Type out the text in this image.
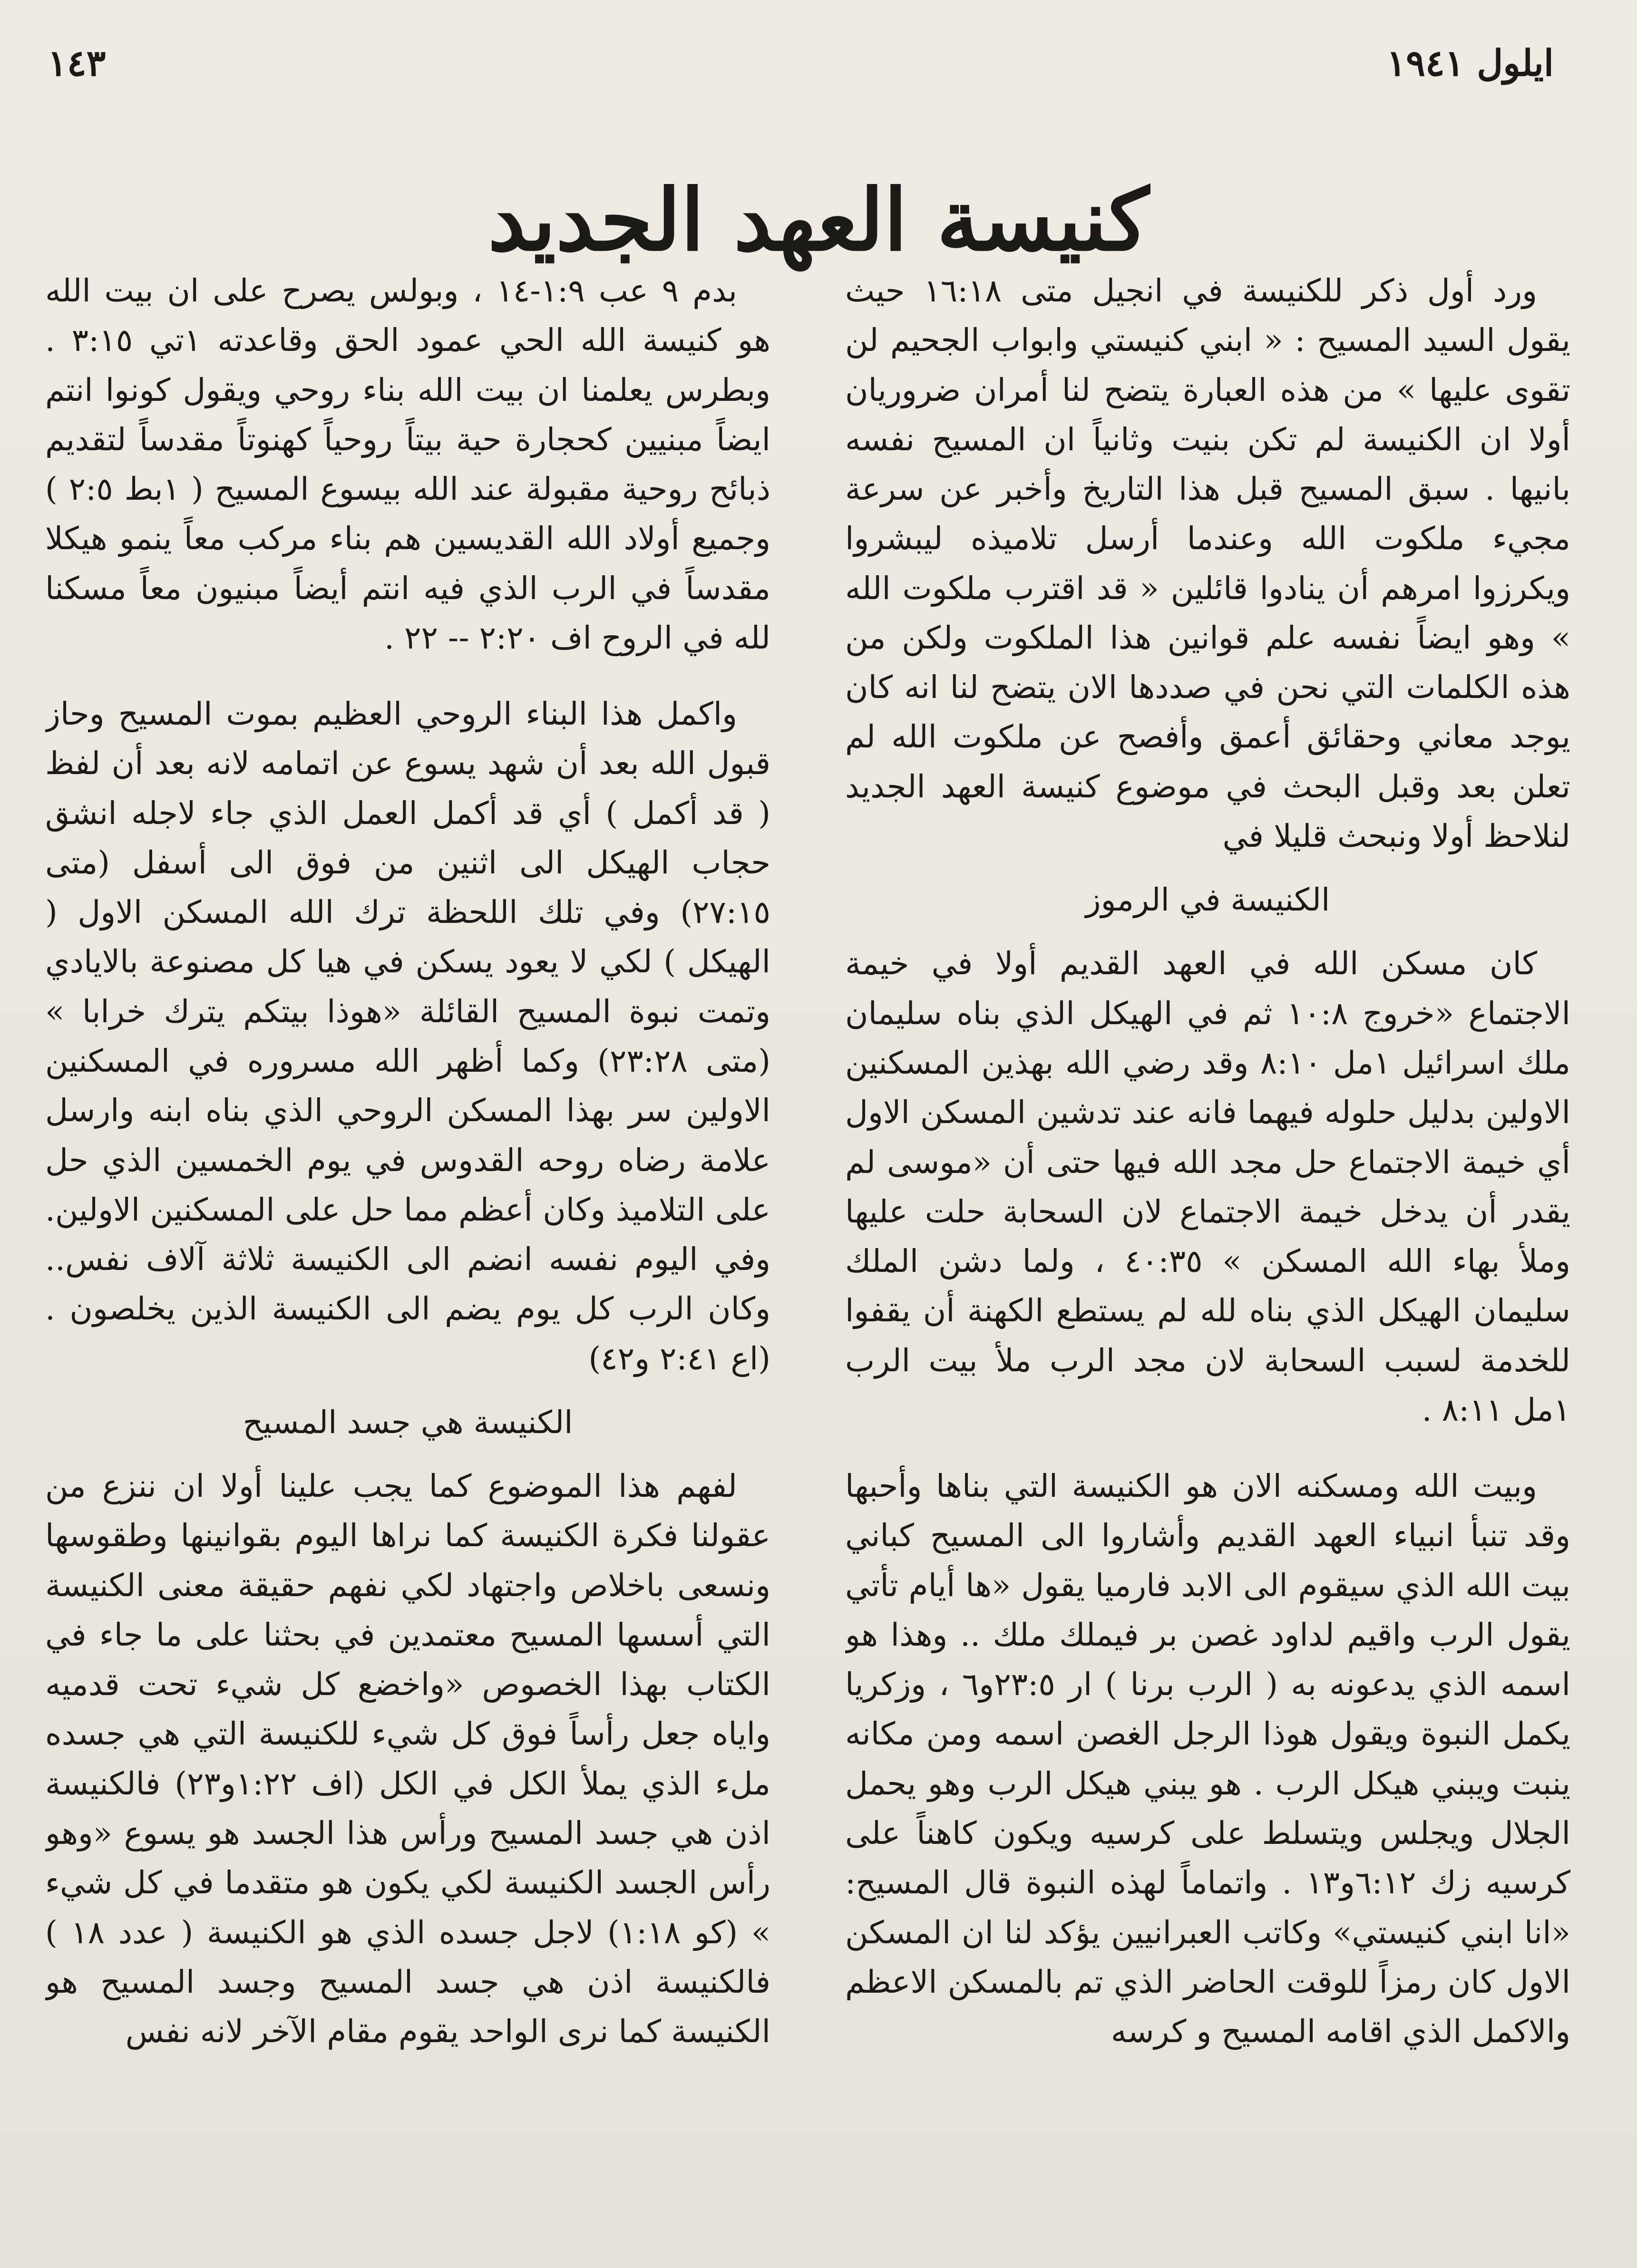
ايلول ١٩٤١
١٤٣
كنيسة العهد الجديد

ورد أول ذكر للكنيسة في انجيل متى ١٦:١٨ حيث يقول السيد المسيح : « ابني كنيستي وابواب الجحيم لن تقوى عليها » من هذه العبارة يتضح لنا أمران ضروريان أولا ان الكنيسة لم تكن بنيت وثانياً ان المسيح نفسه بانيها . سبق المسيح قبل هذا التاريخ وأخبر عن سرعة مجيء ملكوت الله وعندما أرسل تلاميذه ليبشروا ويكرزوا امرهم أن ينادوا قائلين « قد اقترب ملكوت الله » وهو ايضاً نفسه علم قوانين هذا الملكوت ولكن من هذه الكلمات التي نحن في صددها الان يتضح لنا انه كان يوجد معاني وحقائق أعمق وأفصح عن ملكوت الله لم تعلن بعد وقبل البحث في موضوع كنيسة العهد الجديد لنلاحظ أولا ونبحث قليلا في

الكنيسة في الرموز

كان مسكن الله في العهد القديم أولا في خيمة الاجتماع «خروج ١٠:٨ ثم في الهيكل الذي بناه سليمان ملك اسرائيل ١مل ٨:١٠ وقد رضي الله بهذين المسكنين الاولين بدليل حلوله فيهما فانه عند تدشين المسكن الاول أي خيمة الاجتماع حل مجد الله فيها حتى أن «موسى لم يقدر أن يدخل خيمة الاجتماع لان السحابة حلت عليها وملأ بهاء الله المسكن » ٤٠:٣٥ ، ولما دشن الملك سليمان الهيكل الذي بناه لله لم يستطع الكهنة أن يقفوا للخدمة لسبب السحابة لان مجد الرب ملأ بيت الرب ١مل ٨:١١ .

وبيت الله ومسكنه الان هو الكنيسة التي بناها وأحبها وقد تنبأ انبياء العهد القديم وأشاروا الى المسيح كباني بيت الله الذي سيقوم الى الابد فارميا يقول «ها أيام تأتي يقول الرب واقيم لداود غصن بر فيملك ملك .. وهذا هو اسمه الذي يدعونه به ( الرب برنا ) ار ٢٣:٥و٦ ، وزكريا يكمل النبوة ويقول هوذا الرجل الغصن اسمه ومن مكانه ينبت ويبني هيكل الرب . هو يبني هيكل الرب وهو يحمل الجلال ويجلس ويتسلط على كرسيه ويكون كاهناً على كرسيه زك ٦:١٢و١٣ . واتماماً لهذه النبوة قال المسيح: «انا ابني كنيستي» وكاتب العبرانيين يؤكد لنا ان المسكن الاول كان رمزاً للوقت الحاضر الذي تم بالمسكن الاعظم والاكمل الذي اقامه المسيح و كرسه

بدم ٩ عب ١:٩-١٤ ، وبولس يصرح على ان بيت الله هو كنيسة الله الحي عمود الحق وقاعدته ١تي ٣:١٥ . وبطرس يعلمنا ان بيت الله بناء روحي ويقول كونوا انتم ايضاً مبنيين كحجارة حية بيتاً روحياً كهنوتاً مقدساً لتقديم ذبائح روحية مقبولة عند الله بيسوع المسيح ( ١بط ٢:٥ ) وجميع أولاد الله القديسين هم بناء مركب معاً ينمو هيكلا مقدساً في الرب الذي فيه انتم أيضاً مبنيون معاً مسكنا لله في الروح اف ٢:٢٠ -- ٢٢ .

واكمل هذا البناء الروحي العظيم بموت المسيح وحاز قبول الله بعد أن شهد يسوع عن اتمامه لانه بعد أن لفظ ( قد أكمل ) أي قد أكمل العمل الذي جاء لاجله انشق حجاب الهيكل الى اثنين من فوق الى أسفل (متى ٢٧:١٥) وفي تلك اللحظة ترك الله المسكن الاول ( الهيكل ) لكي لا يعود يسكن في هيا كل مصنوعة بالايادي وتمت نبوة المسيح القائلة «هوذا بيتكم يترك خرابا » (متى ٢٣:٢٨) وكما أظهر الله مسروره في المسكنين الاولين سر بهذا المسكن الروحي الذي بناه ابنه وارسل علامة رضاه روحه القدوس في يوم الخمسين الذي حل على التلاميذ وكان أعظم مما حل على المسكنين الاولين. وفي اليوم نفسه انضم الى الكنيسة ثلاثة آلاف نفس.. وكان الرب كل يوم يضم الى الكنيسة الذين يخلصون . (اع ٢:٤١ و٤٢)

الكنيسة هي جسد المسيح

لفهم هذا الموضوع كما يجب علينا أولا ان ننزع من عقولنا فكرة الكنيسة كما نراها اليوم بقوانينها وطقوسها ونسعى باخلاص واجتهاد لكي نفهم حقيقة معنى الكنيسة التي أسسها المسيح معتمدين في بحثنا على ما جاء في الكتاب بهذا الخصوص «واخضع كل شيء تحت قدميه واياه جعل رأساً فوق كل شيء للكنيسة التي هي جسده ملء الذي يملأ الكل في الكل (اف ١:٢٢و٢٣) فالكنيسة اذن هي جسد المسيح ورأس هذا الجسد هو يسوع «وهو رأس الجسد الكنيسة لكي يكون هو متقدما في كل شيء » (كو ١:١٨) لاجل جسده الذي هو الكنيسة ( عدد ١٨ ) فالكنيسة اذن هي جسد المسيح وجسد المسيح هو الكنيسة كما نرى الواحد يقوم مقام الآخر لانه نفس
